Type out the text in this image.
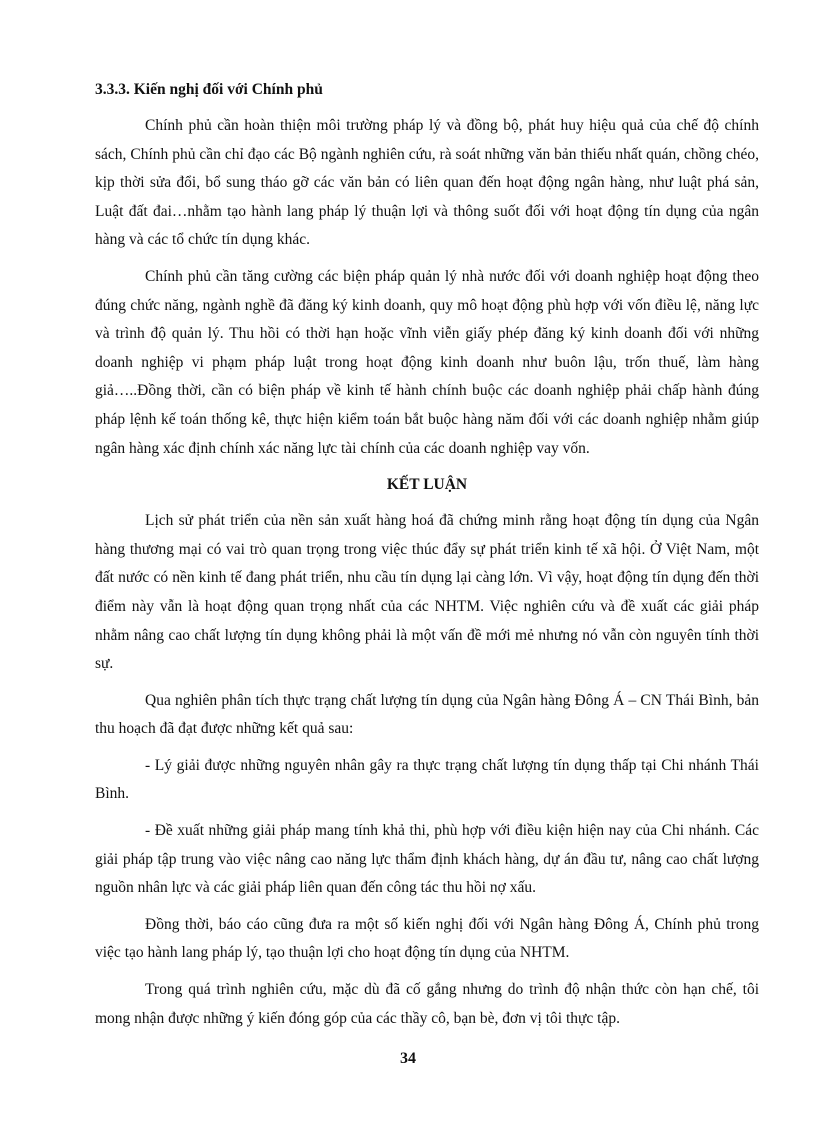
3.3.3. Kiến nghị đối với Chính phủ

Chính phủ cần hoàn thiện môi trường pháp lý và đồng bộ, phát huy hiệu quả của chế độ chính sách, Chính phủ cần chỉ đạo các Bộ ngành nghiên cứu, rà soát những văn bản thiếu nhất quán, chồng chéo, kịp thời sửa đổi, bổ sung tháo gỡ các văn bản có liên quan đến hoạt động ngân hàng, như luật phá sản, Luật đất đai…nhằm tạo hành lang pháp lý thuận lợi và thông suốt đối với hoạt động tín dụng của ngân hàng và các tổ chức tín dụng khác.

Chính phủ cần tăng cường các biện pháp quản lý nhà nước đối với doanh nghiệp hoạt động theo đúng chức năng, ngành nghề đã đăng ký kinh doanh, quy mô hoạt động phù hợp với vốn điều lệ, năng lực và trình độ quản lý. Thu hồi có thời hạn hoặc vĩnh viễn giấy phép đăng ký kinh doanh đối với những doanh nghiệp vi phạm pháp luật trong hoạt động kinh doanh như buôn lậu, trốn thuế, làm hàng giả…..Đồng thời, cần có biện pháp về kinh tế hành chính buộc các doanh nghiệp phải chấp hành đúng pháp lệnh kế toán thống kê, thực hiện kiểm toán bắt buộc hàng năm đối với các doanh nghiệp nhằm giúp ngân hàng xác định chính xác năng lực tài chính của các doanh nghiệp vay vốn.

KẾT LUẬN

Lịch sử phát triển của nền sản xuất hàng hoá đã chứng minh rằng hoạt động tín dụng của Ngân hàng thương mại có vai trò quan trọng trong việc thúc đẩy sự phát triển kinh tế xã hội. Ở Việt Nam, một đất nước có nền kinh tế đang phát triển, nhu cầu tín dụng lại càng lớn. Vì vậy, hoạt động tín dụng đến thời điểm này vẫn là hoạt động quan trọng nhất của các NHTM. Việc nghiên cứu và đề xuất các giải pháp nhằm nâng cao chất lượng tín dụng không phải là một vấn đề mới mẻ nhưng nó vẫn còn nguyên tính thời sự.

Qua nghiên phân tích thực trạng chất lượng tín dụng của Ngân hàng Đông Á – CN Thái Bình, bản thu hoạch đã đạt được những kết quả sau:

- Lý giải được những nguyên nhân gây ra thực trạng chất lượng tín dụng thấp tại Chi nhánh Thái Bình.

- Đề xuất những giải pháp mang tính khả thi, phù hợp với điều kiện hiện nay của Chi nhánh. Các giải pháp tập trung vào việc nâng cao năng lực thẩm định khách hàng, dự án đầu tư, nâng cao chất lượng nguồn nhân lực và các giải pháp liên quan đến công tác thu hồi nợ xấu.

Đồng thời, báo cáo cũng đưa ra một số kiến nghị đối với Ngân hàng Đông Á, Chính phủ trong việc tạo hành lang pháp lý, tạo thuận lợi cho hoạt động tín dụng của NHTM.

Trong quá trình nghiên cứu, mặc dù đã cố gắng nhưng do trình độ nhận thức còn hạn chế, tôi mong nhận được những ý kiến đóng góp của các thầy cô, bạn bè, đơn vị tôi thực tập.

34
